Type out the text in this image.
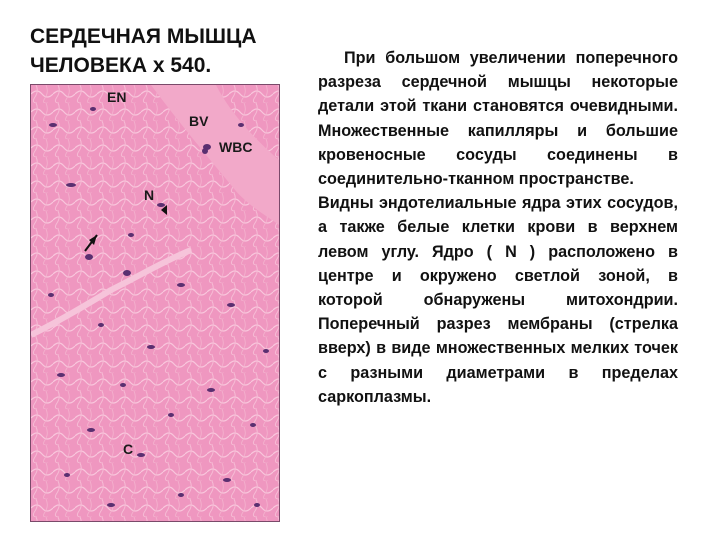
СЕРДЕЧНАЯ МЫШЦА
ЧЕЛОВЕКА х 540.
EN
BV
WBC
N
C

При большом увеличении поперечного разреза сердечной мышцы некоторые детали этой ткани становятся очевидными. Множественные капилляры и большие кровеносные сосуды соединены в соединительно-тканном пространстве.

Видны эндотелиальные ядра этих сосудов, а также белые клетки крови в верхнем левом углу. Ядро ( N ) расположено в центре и окружено светлой зоной, в которой обнаружены митохондрии. Поперечный разрез мембраны (стрелка вверх) в виде множественных мелких точек с разными диаметрами в пределах саркоплазмы.
